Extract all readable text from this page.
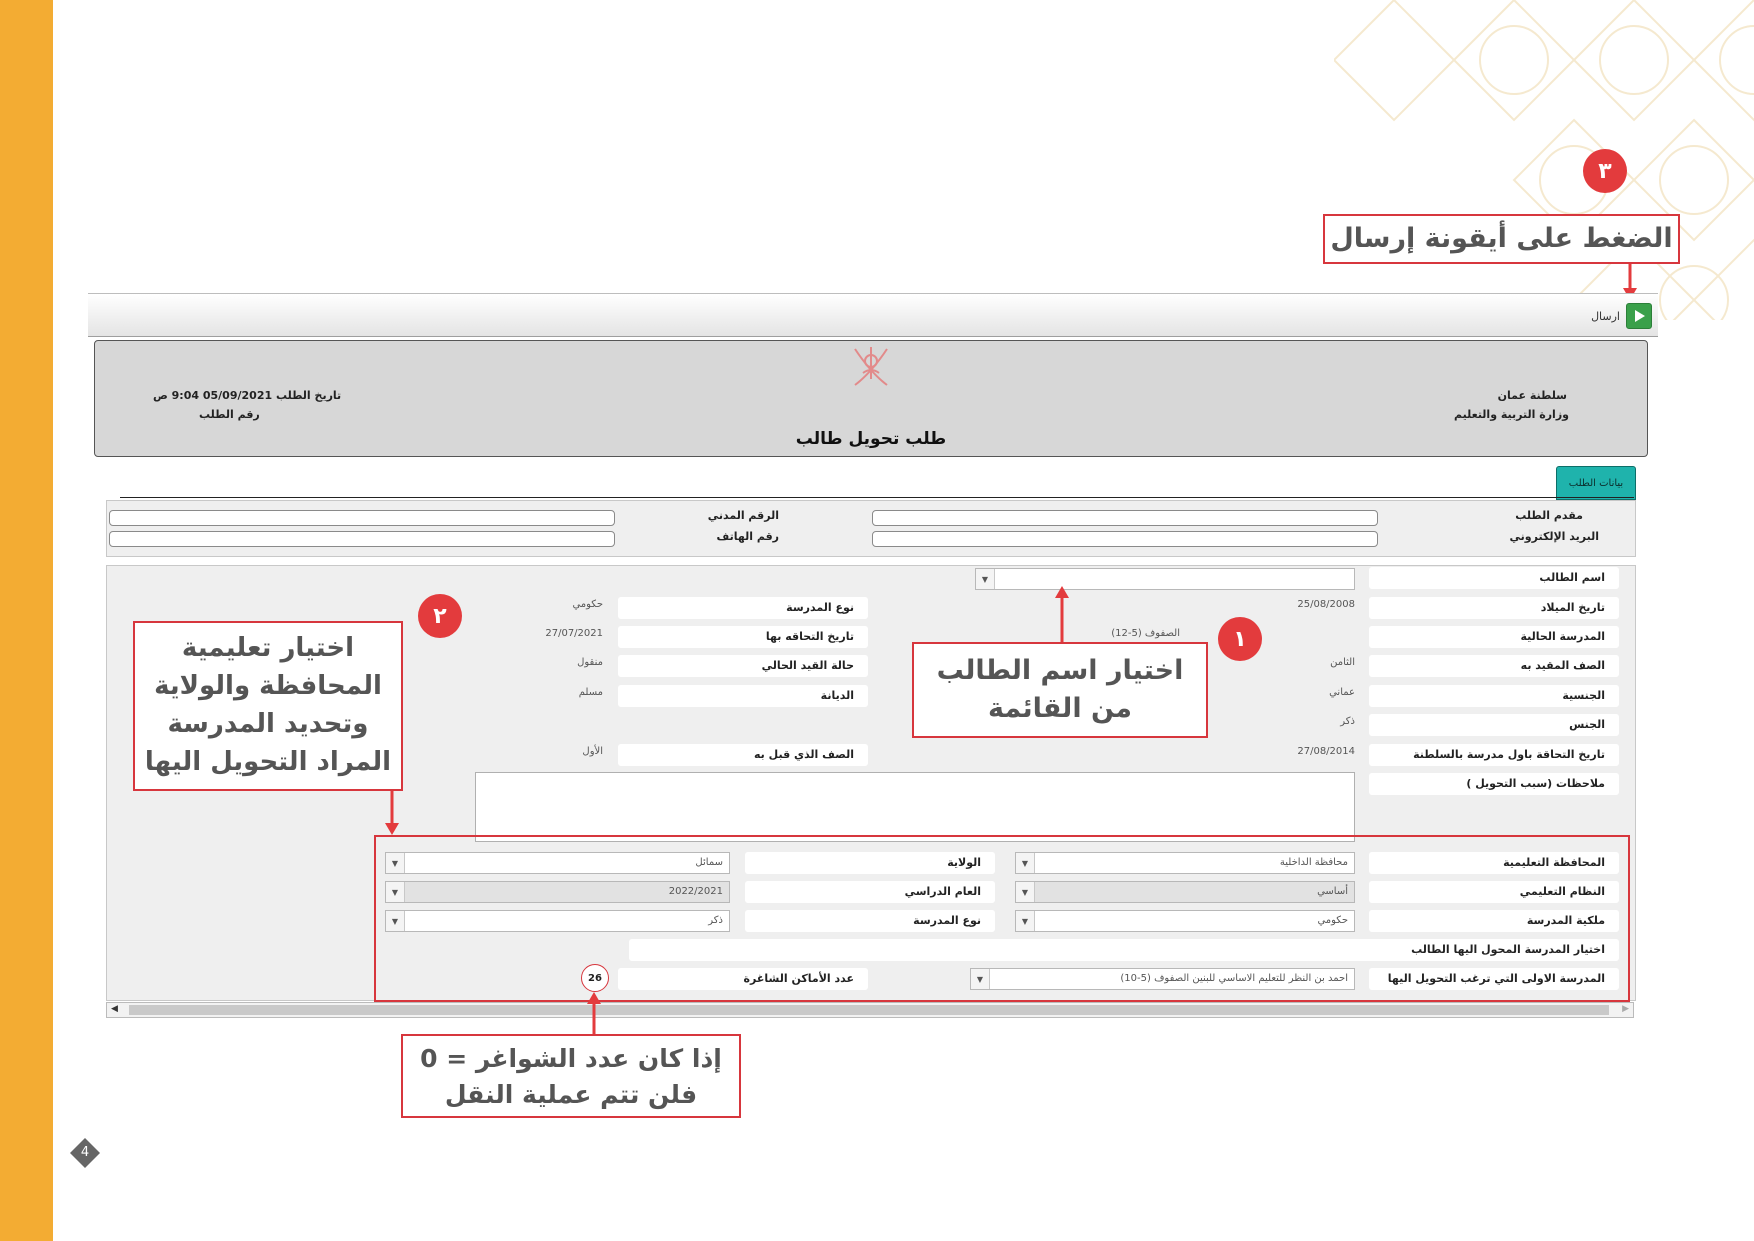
٣
الضغط على أيقونة إرسال
ارسال
سلطنة عمان
وزارة التربية والتعليم
تاريخ الطلب 05/09/2021 9:04 ص
رقم الطلب
طلب تحويل طالب
بيانات الطلب
مقدم الطلب
الرقم المدني
البريد الإلكتروني
رقم الهاتف
اسم الطالب
تاريخ الميلاد
المدرسة الحالية
الصف المقيد به
الجنسية
الجنس
تاريخ التحاقة باول مدرسة بالسلطنة
ملاحظات (سبب التحويل )
▼
25/08/2008
الصفوف (5-12)
الثامن
عماني
ذكر
27/08/2014
نوع المدرسة
تاريخ التحاقه بها
حالة القيد الحالي
الديانة
الصف الذي قبل به
حكومي
27/07/2021
منقول
مسلم
الأول
المحافظة التعليمية
محافظة الداخلية
▼
الولاية
سمائل
▼
النظام التعليمي
أساسي
▼
العام الدراسي
2022/2021
▼
ملكية المدرسة
حكومي
▼
نوع المدرسة
ذكر
▼
اختيار المدرسة المحول اليها الطالب
المدرسة الاولى التي ترغب التحويل اليها
احمد بن النظر للتعليم الاساسي للبنين الصفوف (5-10)
▼
عدد الأماكن الشاغرة
26
◀	▶
١
اختيار اسم الطالب
من القائمة
٢
اختيار تعليمية
المحافظة والولاية
وتحديد المدرسة
المراد التحويل اليها
إذا كان عدد الشواغر = 0
فلن تتم عملية النقل
4
